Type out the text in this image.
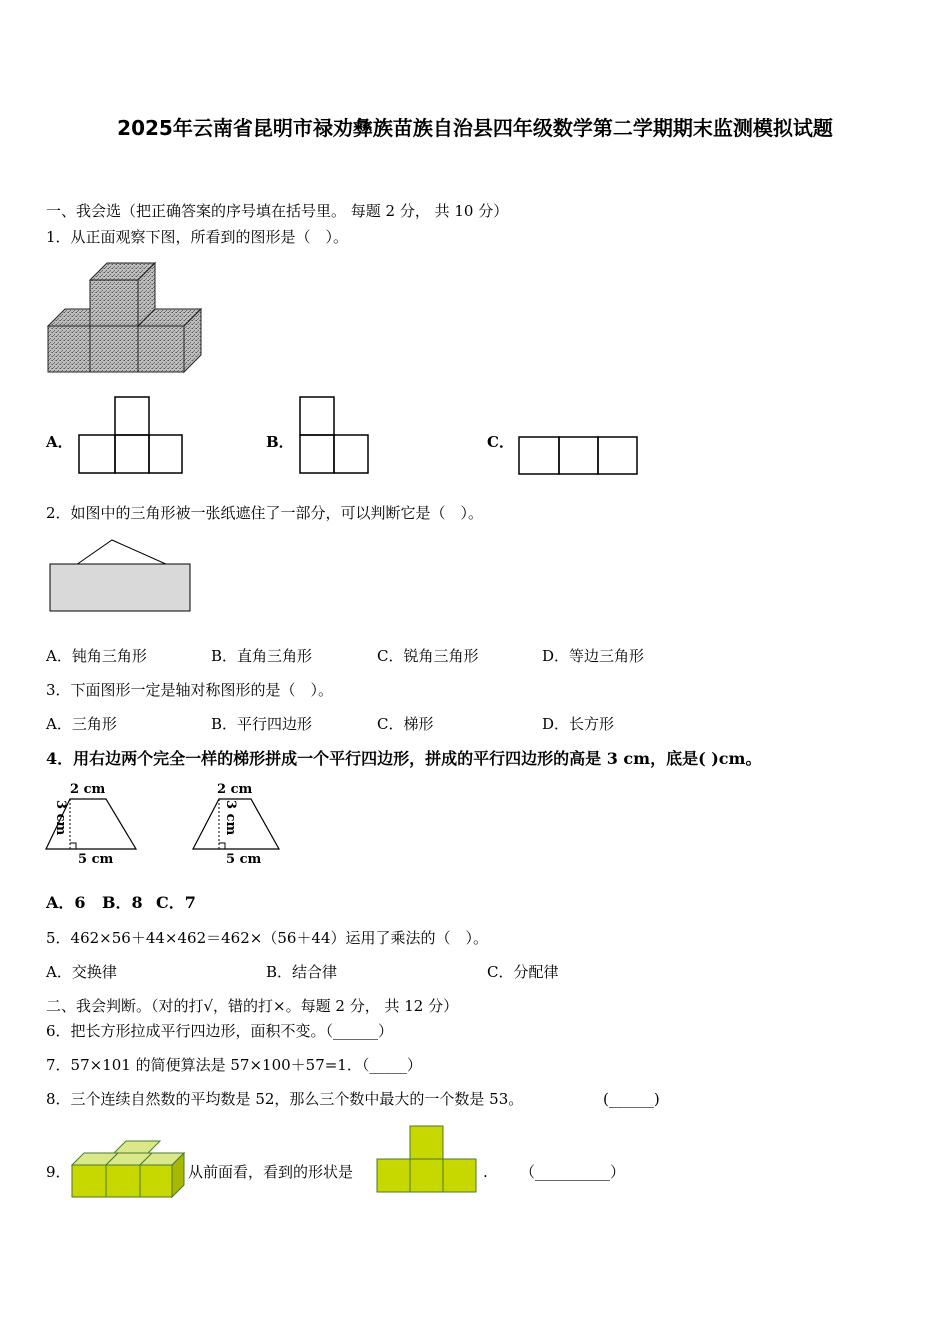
2025年云南省昆明市禄劝彝族苗族自治县四年级数学第二学期期末监测模拟试题
一、我会选（把正确答案的序号填在括号里。 每题 2 分， 共 10 分）
1．从正面观察下图，所看到的图形是（　）。
A．	B．	C．
2．如图中的三角形被一张纸遮住了一部分，可以判断它是（　）。
A．钝角三角形	B．直角三角形	C．锐角三角形	D．等边三角形
3．下面图形一定是轴对称图形的是（　）。
A．三角形	B．平行四边形	C．梯形	D．长方形
4．用右边两个完全一样的梯形拼成一个平行四边形，拼成的平行四边形的高是 3 cm，底是( )cm。
2 cm
3 cm
5 cm
2 cm
3 cm
5 cm
A．6 B．8 C．7
5．462×56＋44×462＝462×（56＋44）运用了乘法的（　）。
A．交换律	B．结合律	C．分配律
二、我会判断。（对的打√，错的打×。每题 2 分， 共 12 分）
6．把长方形拉成平行四边形，面积不变。（______）
7．57×101 的简便算法是 57×100＋57=1．（_____）
8．三个连续自然数的平均数是 52，那么三个数中最大的一个数是 53。	(______)
9．	从前面看，看到的形状是	. （__________）
